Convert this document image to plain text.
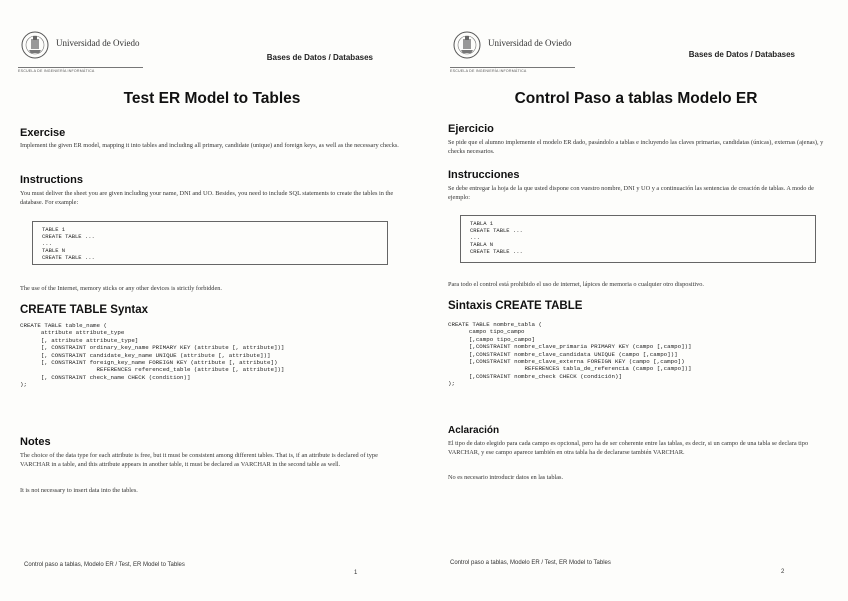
Universidad de Oviedo
ESCUELA DE INGENIERÍA INFORMÁTICA
Bases de Datos / Databases
Test ER Model to Tables
Exercise
Implement the given ER model, mapping it into tables and including all primary, candidate (unique) and foreign keys, as well as the necessary checks.
Instructions
You must deliver the sheet you are given including your name, DNI and UO. Besides, you need to include SQL statements to create the tables in the database. For example:
TABLE 1
CREATE TABLE ...
...
TABLE N
CREATE TABLE ...
The use of the Internet, memory sticks or any other devices is strictly forbidden.
CREATE TABLE Syntax
CREATE TABLE table_name (
attribute attribute_type
[, attribute attribute_type]
[, CONSTRAINT ordinary_key_name PRIMARY KEY (attribute [, attribute])]
[, CONSTRAINT candidate_key_name UNIQUE (attribute [, attribute])]
[, CONSTRAINT foreign_key_name FOREIGN KEY (attribute [, attribute])
REFERENCES referenced_table (attribute [, attribute])]
[, CONSTRAINT check_name CHECK (condition)]
);
Notes
The choice of the data type for each attribute is free, but it must be consistent among different tables. That is, if an attribute is declared of type VARCHAR in a table, and this attribute appears in another table, it must be declared as VARCHAR in the second table as well.
It is not necessary to insert data into the tables.
Control paso a tablas, Modelo ER / Test, ER Model to Tables
1
Universidad de Oviedo
ESCUELA DE INGENIERÍA INFORMÁTICA
Bases de Datos / Databases
Control Paso a tablas Modelo ER
Ejercicio
Se pide que el alumno implemente el modelo ER dado, pasándolo a tablas e incluyendo las claves primarias, candidatas (únicas), externas (ajenas), y checks necesarios.
Instrucciones
Se debe entregar la hoja de la que usted dispone con vuestro nombre, DNI y UO y a continuación las sentencias de creación de tablas. A modo de ejemplo:
TABLA 1
CREATE TABLE ...
...
TABLA N
CREATE TABLE ...
Para todo el control está prohibido el uso de internet, lápices de memoria o cualquier otro dispositivo.
Sintaxis CREATE TABLE
CREATE TABLE nombre_tabla (
campo tipo_campo
[,campo tipo_campo]
[,CONSTRAINT nombre_clave_primaria PRIMARY KEY (campo [,campo])]
[,CONSTRAINT nombre_clave_candidata UNIQUE (campo [,campo])]
[,CONSTRAINT nombre_clave_externa FOREIGN KEY (campo [,campo])
REFERENCES tabla_de_referencia (campo [,campo])]
[,CONSTRAINT nombre_check CHECK (condición)]
);
Aclaración
El tipo de dato elegido para cada campo es opcional, pero ha de ser coherente entre las tablas, es decir, si un campo de una tabla se declara tipo VARCHAR, y ese campo aparece también en otra tabla ha de declararse también VARCHAR.
No es necesario introducir datos en las tablas.
Control paso a tablas, Modelo ER / Test, ER Model to Tables
2
